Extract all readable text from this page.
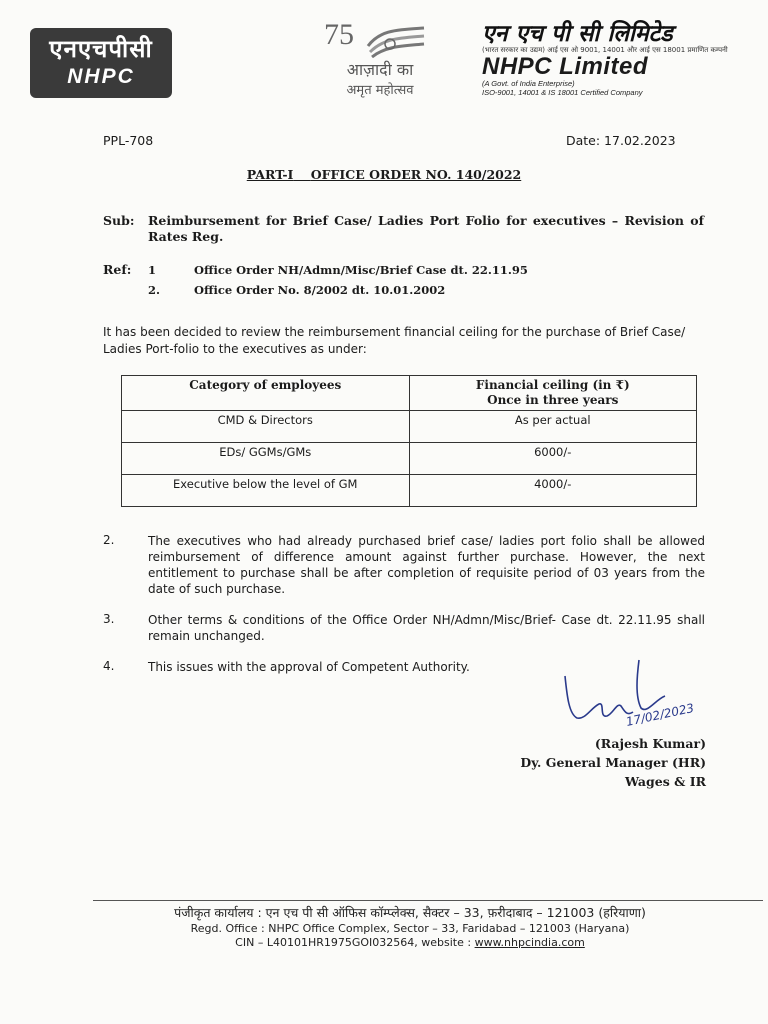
एनएचपीसी
NHPC
75
आज़ादी का
अमृत महोत्सव
एन एच पी सी लिमिटेड
(भारत सरकार का उद्यम) आई एस ओ 9001, 14001 और आई एस 18001 प्रमाणित कम्पनी
NHPC Limited
(A Govt. of India Enterprise)
ISO-9001, 14001 & IS 18001 Certified Company
PPL-708	Date: 17.02.2023
PART-I OFFICE ORDER NO. 140/2022
Sub: Reimbursement for Brief Case/ Ladies Port Folio for executives – Revision of Rates Reg.
Ref: 1	Office Order NH/Admn/Misc/Brief Case dt. 22.11.95
2.	Office Order No. 8/2002 dt. 10.01.2002
It has been decided to review the reimbursement financial ceiling for the purchase of Brief Case/ Ladies Port-folio to the executives as under:
Category of employees	Financial ceiling (in ₹)
Once in three years

CMD & Directors	As per actual
EDs/ GGMs/GMs	6000/-
Executive below the level of GM	4000/-
2.	The executives who had already purchased brief case/ ladies port folio shall be allowed reimbursement of difference amount against further purchase. However, the next entitlement to purchase shall be after completion of requisite period of 03 years from the date of such purchase.
3.	Other terms & conditions of the Office Order NH/Admn/Misc/Brief- Case dt. 22.11.95 shall remain unchanged.
4.	This issues with the approval of Competent Authority.
17/02/2023
(Rajesh Kumar)
Dy. General Manager (HR)
Wages & IR
पंजीकृत कार्यालय : एन एच पी सी ऑफिस कॉम्प्लेक्स, सैक्टर – 33, फ़रीदाबाद – 121003 (हरियाणा)
Regd. Office : NHPC Office Complex, Sector – 33, Faridabad – 121003 (Haryana)
CIN – L40101HR1975GOI032564, website : www.nhpcindia.com
